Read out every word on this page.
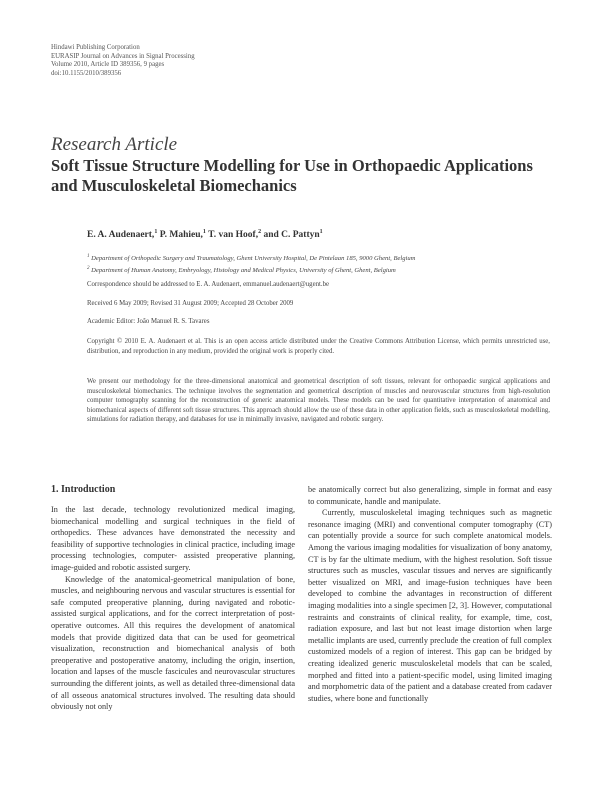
Hindawi Publishing Corporation
EURASIP Journal on Advances in Signal Processing
Volume 2010, Article ID 389356, 9 pages
doi:10.1155/2010/389356
Research Article
Soft Tissue Structure Modelling for Use in Orthopaedic Applications and Musculoskeletal Biomechanics
E. A. Audenaert,$^1$ P. Mahieu,$^1$ T. van Hoof,$^2$ and C. Pattyn$^1$
$^1$ Department of Orthopedic Surgery and Traumatology, Ghent University Hospital, De Pintelaan 185, 9000 Ghent, Belgium
$^2$ Department of Human Anatomy, Embryology, Histology and Medical Physics, University of Ghent, Ghent, Belgium
Correspondence should be addressed to E. A. Audenaert, emmanuel.audenaert@ugent.be
Received 6 May 2009; Revised 31 August 2009; Accepted 28 October 2009
Academic Editor: João Manuel R. S. Tavares
Copyright © 2010 E. A. Audenaert et al. This is an open access article distributed under the Creative Commons Attribution License, which permits unrestricted use, distribution, and reproduction in any medium, provided the original work is properly cited.
We present our methodology for the three-dimensional anatomical and geometrical description of soft tissues, relevant for orthopaedic surgical applications and musculoskeletal biomechanics. The technique involves the segmentation and geometrical description of muscles and neurovascular structures from high-resolution computer tomography scanning for the reconstruction of generic anatomical models. These models can be used for quantitative interpretation of anatomical and biomechanical aspects of different soft tissue structures. This approach should allow the use of these data in other application fields, such as musculoskeletal modelling, simulations for radiation therapy, and databases for use in minimally invasive, navigated and robotic surgery.
1. Introduction

In the last decade, technology revolutionized medical imaging, biomechanical modelling and surgical techniques in the field of orthopedics. These advances have demonstrated the necessity and feasibility of supportive technologies in clinical practice, including image processing technologies, computer- assisted preoperative planning, image-guided and robotic assisted surgery.

Knowledge of the anatomical-geometrical manipulation of bone, muscles, and neighbouring nervous and vascular structures is essential for safe computed preoperative planning, during navigated and robotic-assisted surgical applications, and for the correct interpretation of post-operative outcomes. All this requires the development of anatomical models that provide digitized data that can be used for geometrical visualization, reconstruction and biomechanical analysis of both preoperative and postoperative anatomy, including the origin, insertion, location and lapses of the muscle fascicules and neurovascular structures surrounding the different joints, as well as detailed three-dimensional data of all osseous anatomical structures involved. The resulting data should obviously not only

be anatomically correct but also generalizing, simple in format and easy to communicate, handle and manipulate.

Currently, musculoskeletal imaging techniques such as magnetic resonance imaging (MRI) and conventional computer tomography (CT) can potentially provide a source for such complete anatomical models. Among the various imaging modalities for visualization of bony anatomy, CT is by far the ultimate medium, with the highest resolution. Soft tissue structures such as muscles, vascular tissues and nerves are significantly better visualized on MRI, and image-fusion techniques have been developed to combine the advantages in reconstruction of different imaging modalities into a single specimen [2, 3]. However, computational restraints and constraints of clinical reality, for example, time, cost, radiation exposure, and last but not least image distortion when large metallic implants are used, currently preclude the creation of full complex customized models of a region of interest. This gap can be bridged by creating idealized generic musculoskeletal models that can be scaled, morphed and fitted into a patient-specific model, using limited imaging and morphometric data of the patient and a database created from cadaver studies, where bone and functionally
